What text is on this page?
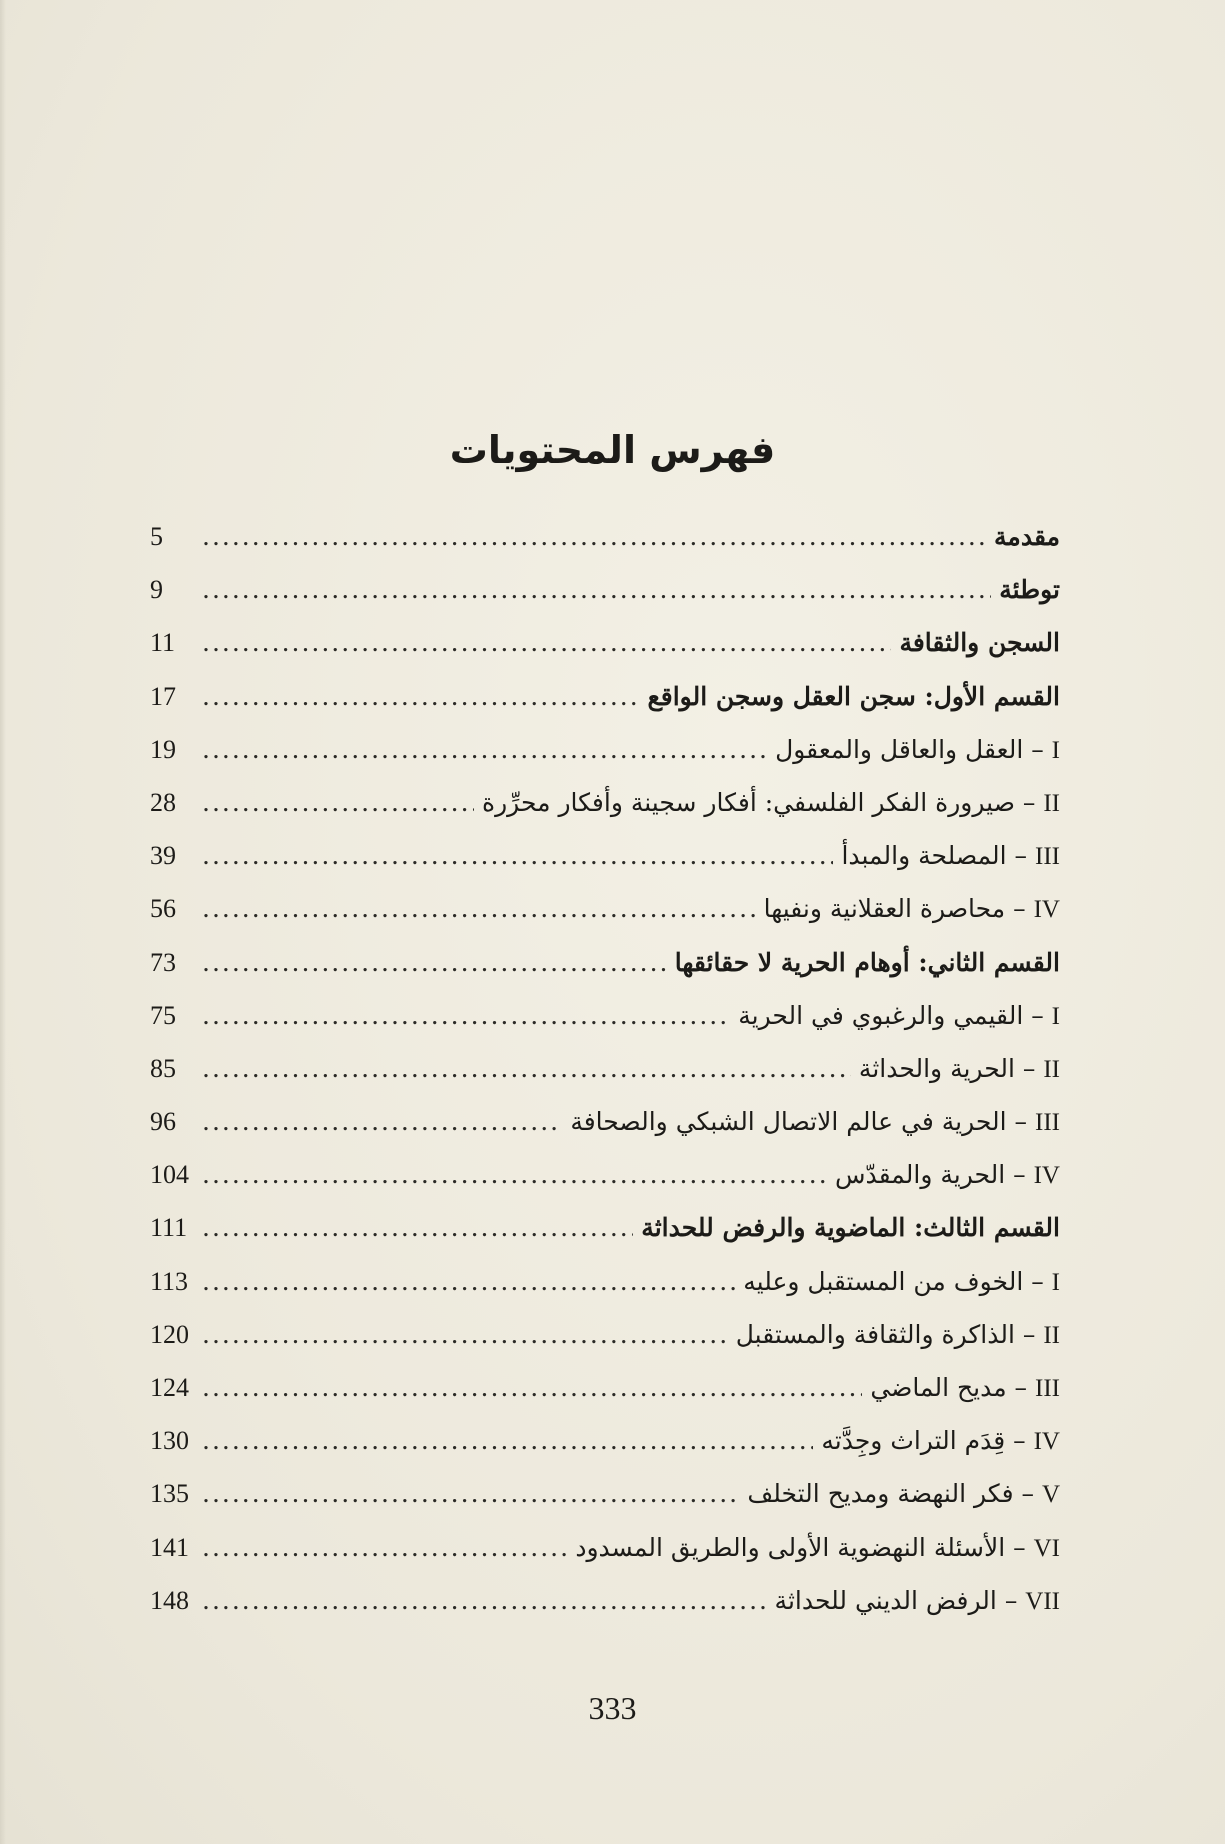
فهرس المحتويات
مقدمة
.....
5
توطئة
.....
9
السجن والثقافة
.....
11
القسم الأول: سجن العقل وسجن الواقع
.....
17
I – العقل والعاقل والمعقول
.....
19
II – صيرورة الفكر الفلسفي: أفكار سجينة وأفكار محرِّرة
.....
28
III – المصلحة والمبدأ
.....
39
IV – محاصرة العقلانية ونفيها
.....
56
القسم الثاني: أوهام الحرية لا حقائقها
.....
73
I – القيمي والرغبوي في الحرية
.....
75
II – الحرية والحداثة
.....
85
III – الحرية في عالم الاتصال الشبكي والصحافة
.....
96
IV – الحرية والمقدّس
.....
104
القسم الثالث: الماضوية والرفض للحداثة
.....
111
I – الخوف من المستقبل وعليه
.....
113
II – الذاكرة والثقافة والمستقبل
.....
120
III – مديح الماضي
.....
124
IV – قِدَم التراث وجِدَّته
.....
130
V – فكر النهضة ومديح التخلف
.....
135
VI – الأسئلة النهضوية الأولى والطريق المسدود
.....
141
VII – الرفض الديني للحداثة
.....
148
333
